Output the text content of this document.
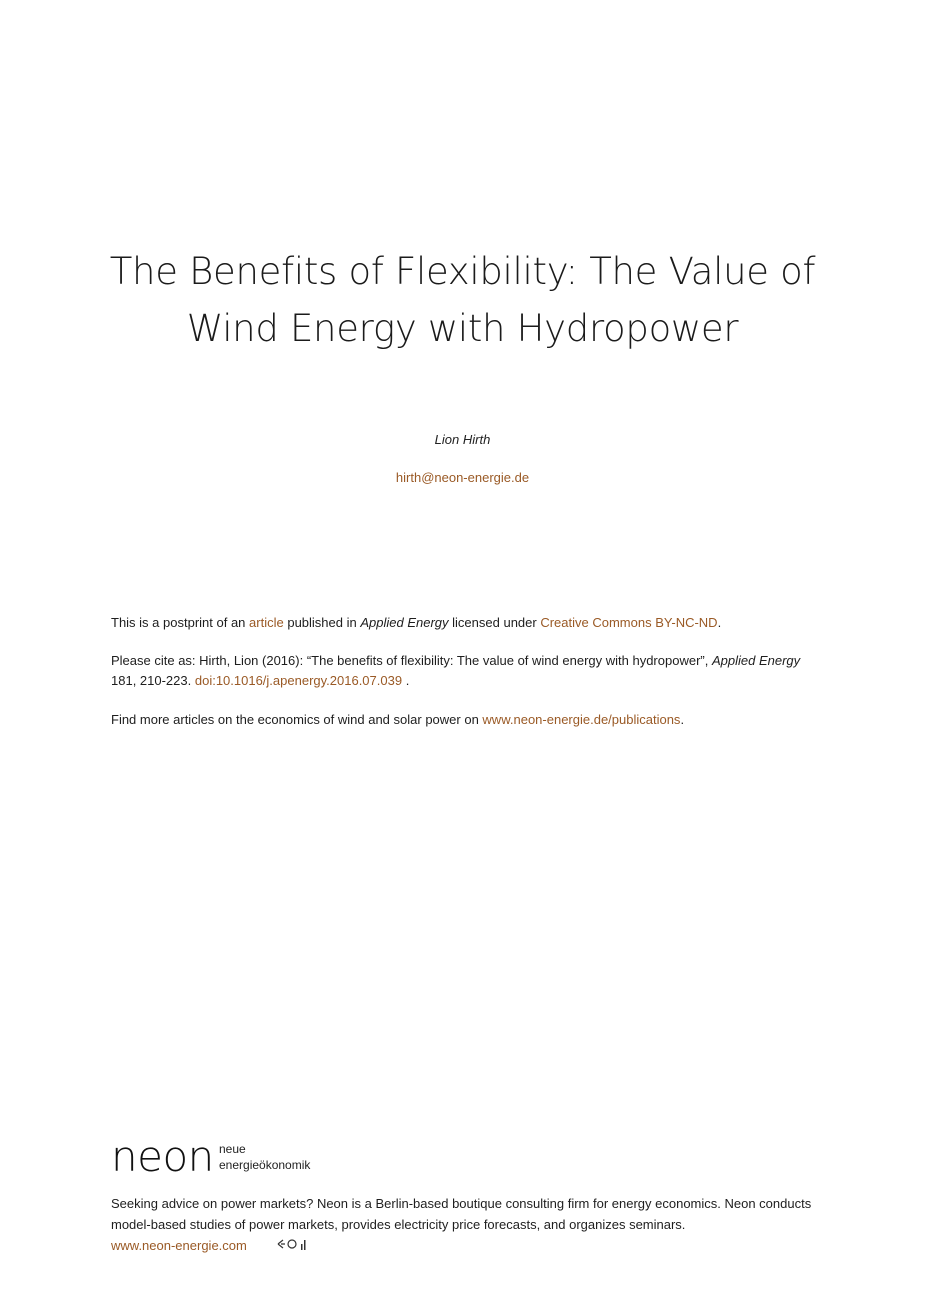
The Benefits of Flexibility: The Value of
Wind Energy with Hydropower
Lion Hirth
hirth@neon-energie.de
This is a postprint of an article published in Applied Energy licensed under Creative Commons BY-NC-ND.
Please cite as: Hirth, Lion (2016): “The benefits of flexibility: The value of wind energy with hydropower”, Applied Energy 181, 210-223. doi:10.1016/j.apenergy.2016.07.039 .
Find more articles on the economics of wind and solar power on www.neon-energie.de/publications.
neon neue
energieökonomik
Seeking advice on power markets? Neon is a Berlin-based boutique consulting firm for energy economics. Neon conducts model-based studies of power markets, provides electricity price forecasts, and organizes seminars.
www.neon-energie.com
